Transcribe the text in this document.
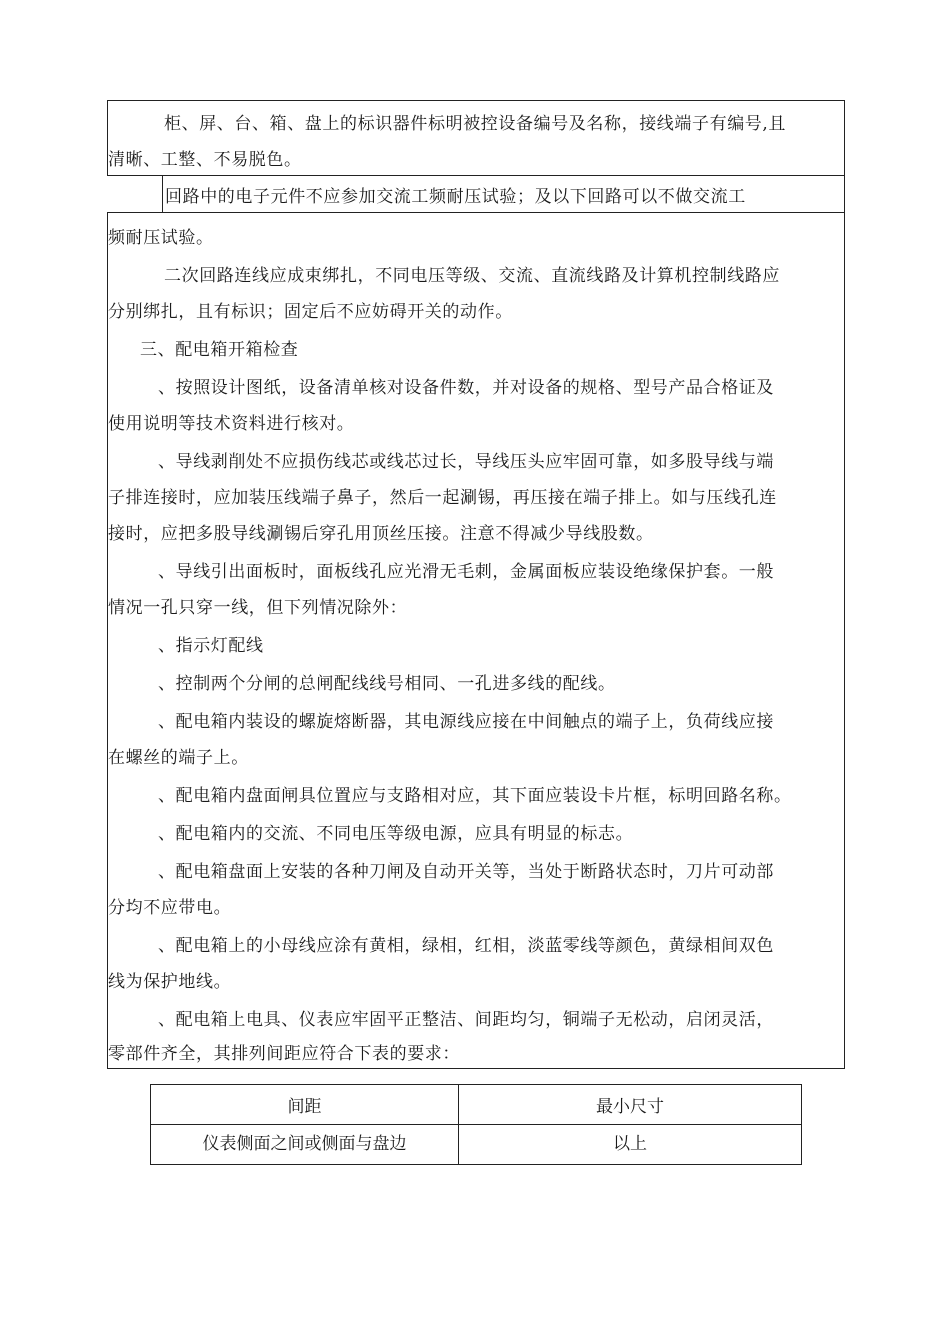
柜、屏、台、箱、盘上的标识器件标明被控设备编号及名称，接线端子有编号,且
清晰、工整、不易脱色。
回路中的电子元件不应参加交流工频耐压试验；及以下回路可以不做交流工
频耐压试验。
二次回路连线应成束绑扎，不同电压等级、交流、直流线路及计算机控制线路应
分别绑扎，且有标识；固定后不应妨碍开关的动作。
三、配电箱开箱检查
、按照设计图纸，设备清单核对设备件数，并对设备的规格、型号产品合格证及
使用说明等技术资料进行核对。
、导线剥削处不应损伤线芯或线芯过长，导线压头应牢固可靠，如多股导线与端
子排连接时，应加装压线端子鼻子，然后一起涮锡，再压接在端子排上。如与压线孔连
接时，应把多股导线涮锡后穿孔用顶丝压接。注意不得减少导线股数。
、导线引出面板时，面板线孔应光滑无毛刺，金属面板应装设绝缘保护套。一般
情况一孔只穿一线，但下列情况除外：
、指示灯配线
、控制两个分闸的总闸配线线号相同、一孔进多线的配线。
、配电箱内装设的螺旋熔断器，其电源线应接在中间触点的端子上，负荷线应接
在螺丝的端子上。
、配电箱内盘面闸具位置应与支路相对应，其下面应装设卡片框，标明回路名称。
、配电箱内的交流、不同电压等级电源，应具有明显的标志。
、配电箱盘面上安装的各种刀闸及自动开关等，当处于断路状态时，刀片可动部
分均不应带电。
、配电箱上的小母线应涂有黄相，绿相，红相，淡蓝零线等颜色，黄绿相间双色
线为保护地线。
、配电箱上电具、仪表应牢固平正整洁、间距均匀，铜端子无松动，启闭灵活，
零部件齐全，其排列间距应符合下表的要求：
间距	最小尺寸
仪表侧面之间或侧面与盘边	以上
